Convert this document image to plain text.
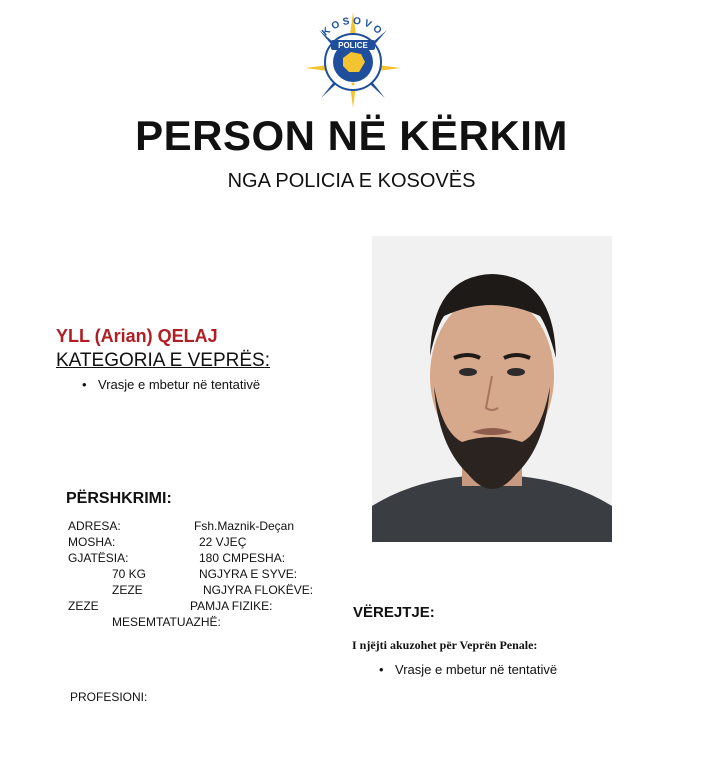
POLICE
KOSOVO
PERSON NË KËRKIM
NGA POLICIA E KOSOVËS
YLL (Arian) QELAJ
KATEGORIA E VEPRËS:
• Vrasje e mbetur në tentativë
PËRSHKRIMI:
ADRESA:	Fsh.Maznik-Deçan
MOSHA:	22 VJEÇ
GJATËSIA:	180 CMPESHA:
70 KG	NGJYRA E SYVE:
ZEZE	NGJYRA FLOKËVE:
ZEZE	PAMJA FIZIKE:
MESEMTATUAZHË:
VËREJTJE:
I njëjti akuzohet për Veprën Penale:
• Vrasje e mbetur në tentativë
PROFESIONI:
